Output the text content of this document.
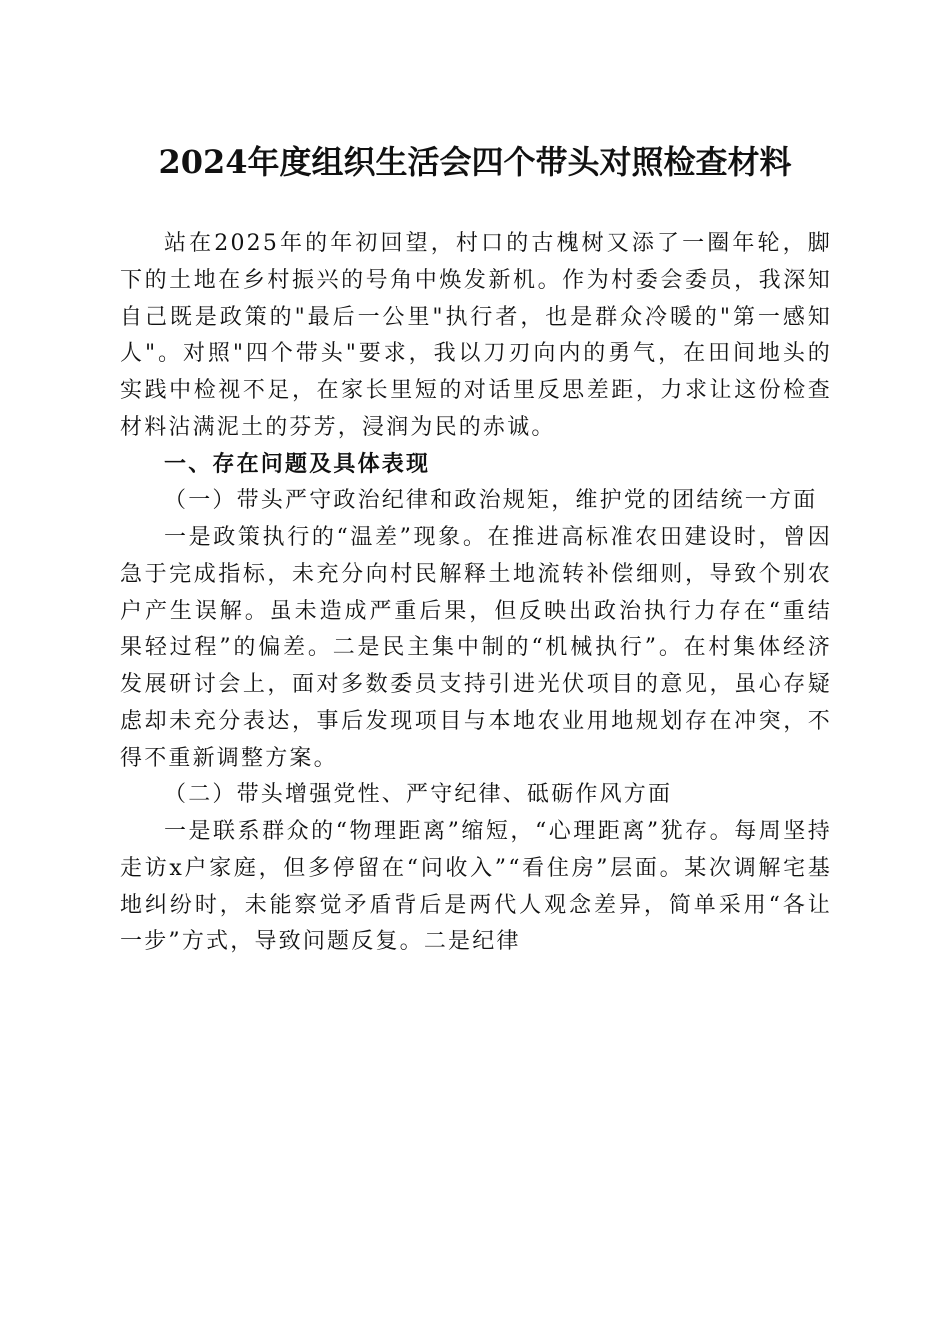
2024年度组织生活会四个带头对照检查材料

站在2025年的年初回望，村口的古槐树又添了一圈年轮，脚下的土地在乡村振兴的号角中焕发新机。作为村委会委员，我深知自己既是政策的"最后一公里"执行者，也是群众冷暖的"第一感知人"。对照"四个带头"要求，我以刀刃向内的勇气，在田间地头的实践中检视不足，在家长里短的对话里反思差距，力求让这份检查材料沾满泥土的芬芳，浸润为民的赤诚。

一、存在问题及具体表现

（一）带头严守政治纪律和政治规矩，维护党的团结统一方面

一是政策执行的“温差”现象。在推进高标准农田建设时，曾因急于完成指标，未充分向村民解释土地流转补偿细则，导致个别农户产生误解。虽未造成严重后果，但反映出政治执行力存在“重结果轻过程”的偏差。二是民主集中制的“机械执行”。在村集体经济发展研讨会上，面对多数委员支持引进光伏项目的意见，虽心存疑虑却未充分表达，事后发现项目与本地农业用地规划存在冲突，不得不重新调整方案。

（二）带头增强党性、严守纪律、砥砺作风方面

一是联系群众的“物理距离”缩短，“心理距离”犹存。每周坚持走访x户家庭，但多停留在“问收入”“看住房”层面。某次调解宅基地纠纷时，未能察觉矛盾背后是两代人观念差异，简单采用“各让一步”方式，导致问题反复。二是纪律
